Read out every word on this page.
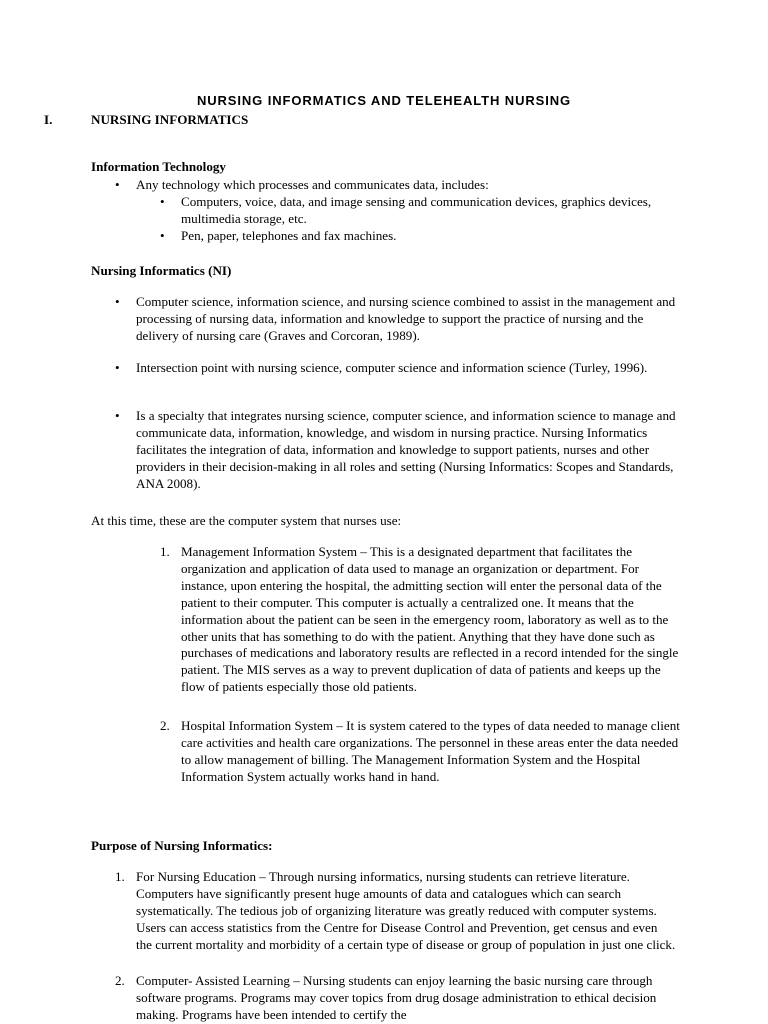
NURSING INFORMATICS AND TELEHEALTH NURSING
I.	NURSING INFORMATICS
Information Technology
• Any technology which processes and communicates data, includes:
• Computers, voice, data, and image sensing and communication devices, graphics devices, multimedia storage, etc.
• Pen, paper, telephones and fax machines.
Nursing Informatics (NI)
• Computer science, information science, and nursing science combined to assist in the management and processing of nursing data, information and knowledge to support the practice of nursing and the delivery of nursing care (Graves and Corcoran, 1989).
• Intersection point with nursing science, computer science and information science (Turley, 1996).
• Is a specialty that integrates nursing science, computer science, and information science to manage and communicate data, information, knowledge, and wisdom in nursing practice. Nursing Informatics facilitates the integration of data, information and knowledge to support patients, nurses and other providers in their decision-making in all roles and setting (Nursing Informatics: Scopes and Standards, ANA 2008).
At this time, these are the computer system that nurses use:
1. Management Information System – This is a designated department that facilitates the organization and application of data used to manage an organization or department. For instance, upon entering the hospital, the admitting section will enter the personal data of the patient to their computer. This computer is actually a centralized one. It means that the information about the patient can be seen in the emergency room, laboratory as well as to the other units that has something to do with the patient. Anything that they have done such as purchases of medications and laboratory results are reflected in a record intended for the single patient. The MIS serves as a way to prevent duplication of data of patients and keeps up the flow of patients especially those old patients.
2. Hospital Information System – It is system catered to the types of data needed to manage client care activities and health care organizations. The personnel in these areas enter the data needed to allow management of billing. The Management Information System and the Hospital Information System actually works hand in hand.
Purpose of Nursing Informatics:
1. For Nursing Education – Through nursing informatics, nursing students can retrieve literature. Computers have significantly present huge amounts of data and catalogues which can search systematically. The tedious job of organizing literature was greatly reduced with computer systems. Users can access statistics from the Centre for Disease Control and Prevention, get census and even the current mortality and morbidity of a certain type of disease or group of population in just one click.
2. Computer- Assisted Learning – Nursing students can enjoy learning the basic nursing care through software programs. Programs may cover topics from drug dosage administration to ethical decision making. Programs have been intended to certify the
